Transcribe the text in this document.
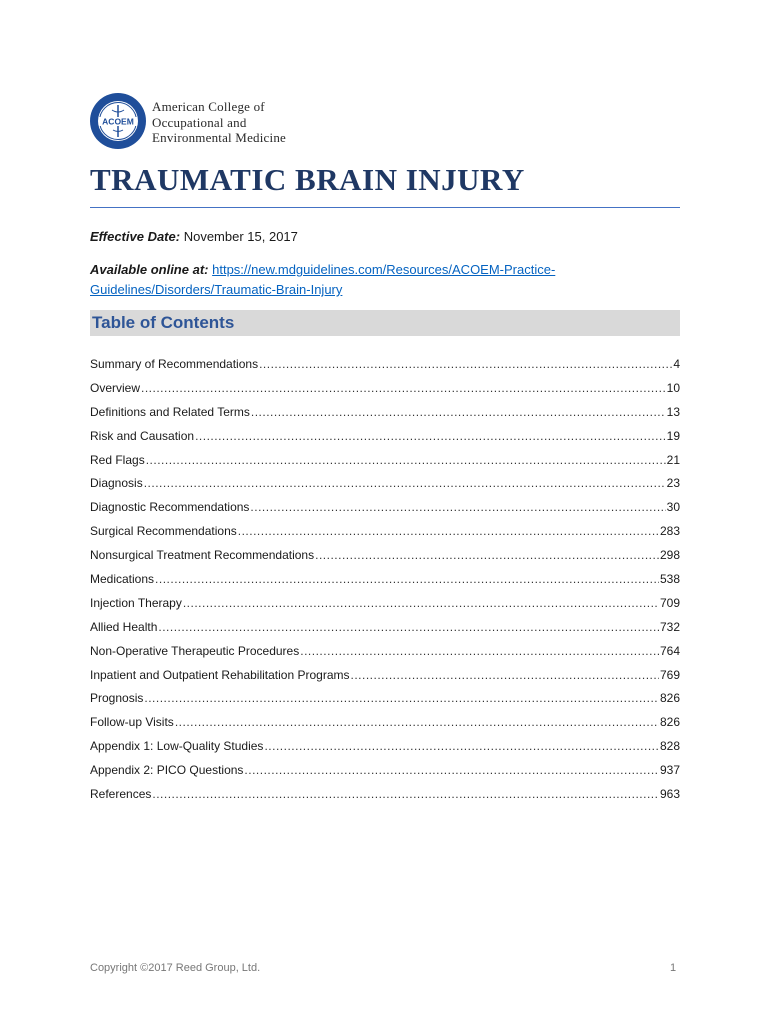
ACOEM
American College of
Occupational and
Environmental Medicine
TRAUMATIC BRAIN INJURY
Effective Date: November 15, 2017
Available online at: https://new.mdguidelines.com/Resources/ACOEM-Practice-
Guidelines/Disorders/Traumatic-Brain-Injury
Table of Contents
Summary of Recommendations .....	4
Overview .....	10
Definitions and Related Terms .....	13
Risk and Causation .....	19
Red Flags .....	21
Diagnosis .....	23
Diagnostic Recommendations .....	30
Surgical Recommendations .....	283
Nonsurgical Treatment Recommendations .....	298
Medications .....	538
Injection Therapy .....	709
Allied Health .....	732
Non-Operative Therapeutic Procedures .....	764
Inpatient and Outpatient Rehabilitation Programs .....	769
Prognosis .....	826
Follow-up Visits .....	826
Appendix 1: Low-Quality Studies .....	828
Appendix 2: PICO Questions .....	937
References .....	963
Copyright ©2017 Reed Group, Ltd.	1
